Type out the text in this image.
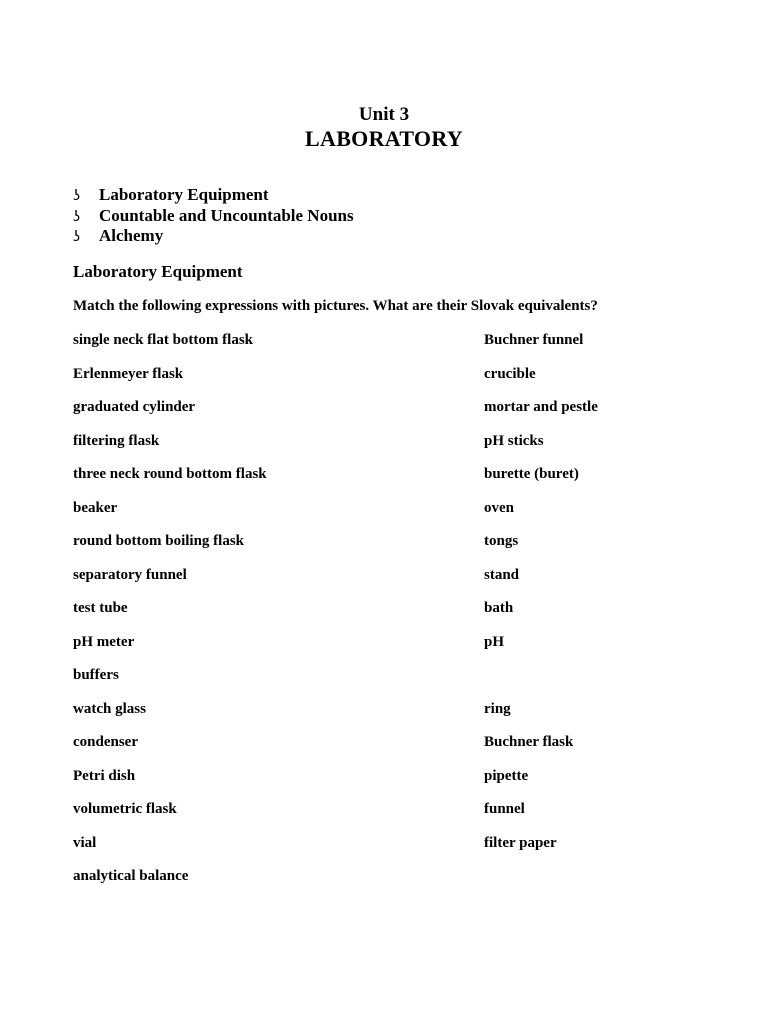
Unit 3
LABORATORY
ʖ Laboratory Equipment
ʖ Countable and Uncountable Nouns
ʖ Alchemy
Laboratory Equipment
Match the following expressions with pictures. What are their Slovak equivalents?
single neck flat bottom flask
Erlenmeyer flask
graduated cylinder
filtering flask
three neck round bottom flask
beaker
round bottom boiling flask
separatory funnel
test tube
pH meter
buffers
watch glass
condenser
Petri dish
volumetric flask
vial
analytical balance
Buchner funnel
crucible
mortar and pestle
pH sticks
burette (buret)
oven
tongs
stand
bath
pH
ring
Buchner flask
pipette
funnel
filter paper
